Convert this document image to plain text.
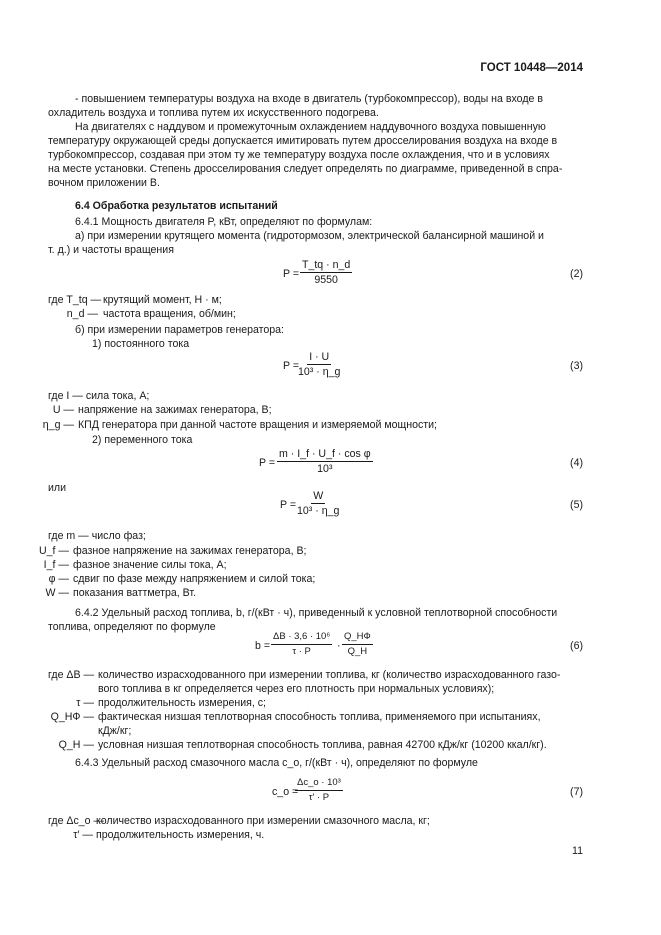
ГОСТ 10448—2014
- повышением температуры воздуха на входе в двигатель (турбокомпрессор), воды на входе в
охладитель воздуха и топлива путем их искусственного подогрева.
На двигателях с наддувом и промежуточным охлаждением наддувочного воздуха повышенную
температуру окружающей среды допускается имитировать путем дросселирования воздуха на входе в
турбокомпрессор, создавая при этом ту же температуру воздуха после охлаждения, что и в условиях
на месте установки. Степень дросселирования следует определять по диаграмме, приведенной в спра-
вочном приложении В.
6.4 Обработка результатов испытаний
6.4.1 Мощность двигателя P, кВт, определяют по формулам:
а) при измерении крутящего момента (гидротормозом, электрической балансирной машиной и
т. д.) и частоты вращения
$P = \frac{T\_tq \cdot n\_d}{9550}$	(2)
где T_tq — крутящий момент, Н · м;
n_d — частота вращения, об/мин;
б) при измерении параметров генератора:
1) постоянного тока
P =
$\frac{I \cdot U}{\text{10³ · η\_g}}$	(3)
где I — сила тока, А;
U — напряжение на зажимах генератора, В;
η_g — КПД генератора при данной частоте вращения и измеряемой мощности;
2) переменного тока
$P = \frac{\text{m · I\_f · U\_f · cos φ}}{\text{10³}}$	(4)
или
$P = \frac{W}{\text{10³ · η\_g}}$	(5)
где m — число фаз;
U_f — фазное напряжение на зажимах генератора, В;
I_f — фазное значение силы тока, А;
φ — сдвиг по фазе между напряжением и силой тока;
W — показания ваттметра, Вт.
6.4.2 Удельный расход топлива, b, г/(кВт · ч), приведенный к условной теплотворной способности
топлива, определяют по формуле
$b = \frac{\text{ΔB · 3,6 · 10⁶}}{\tau \cdot P}$ ·
Q_HФ
Q_H	(6)
где ΔB — количество израсходованного при измерении топлива, кг (количество израсходованного газо-
вого топлива в кг определяется через его плотность при нормальных условиях);
τ — продолжительность измерения, с;
Q_HФ — фактическая низшая теплотворная способность топлива, применяемого при испытаниях,
кДж/кг;
Q_H — условная низшая теплотворная способность топлива, равная 42700 кДж/кг (10200 ккал/кг).
6.4.3 Удельный расход смазочного масла c_o, г/(кВт · ч), определяют по формуле
c_o =
$\frac{\text{Δc\_o · 10³}}{\tau' \cdot P}$	(7)
где Δc_o —
количество израсходованного при измерении смазочного масла, кг;
τ′ — продолжительность измерения, ч.
11
